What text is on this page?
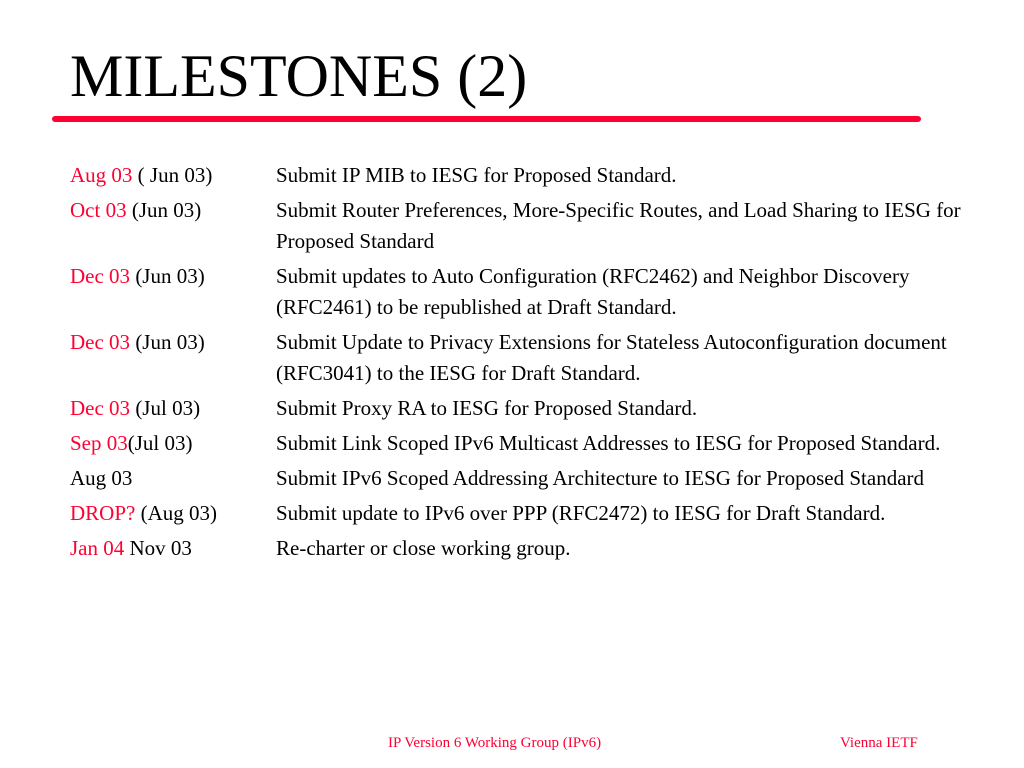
MILESTONES (2)
Aug 03 ( Jun 03)	Submit IP MIB to IESG for Proposed Standard.
Oct 03 (Jun 03)	Submit Router Preferences, More-Specific Routes, and Load Sharing to IESG for Proposed Standard
Dec 03 (Jun 03)	Submit updates to Auto Configuration (RFC2462) and Neighbor Discovery (RFC2461) to be republished at Draft Standard.
Dec 03 (Jun 03)	Submit Update to Privacy Extensions for Stateless Autoconfiguration document (RFC3041) to the IESG for Draft Standard.
Dec 03 (Jul 03)	Submit Proxy RA to IESG for Proposed Standard.
Sep 03(Jul 03)	Submit Link Scoped IPv6 Multicast Addresses to IESG for Proposed Standard.
Aug 03	Submit IPv6 Scoped Addressing Architecture to IESG for Proposed Standard
DROP? (Aug 03)	Submit update to IPv6 over PPP (RFC2472) to IESG for Draft Standard.
Jan 04 Nov 03	Re-charter or close working group.
IP Version 6 Working Group (IPv6)	Vienna IETF
